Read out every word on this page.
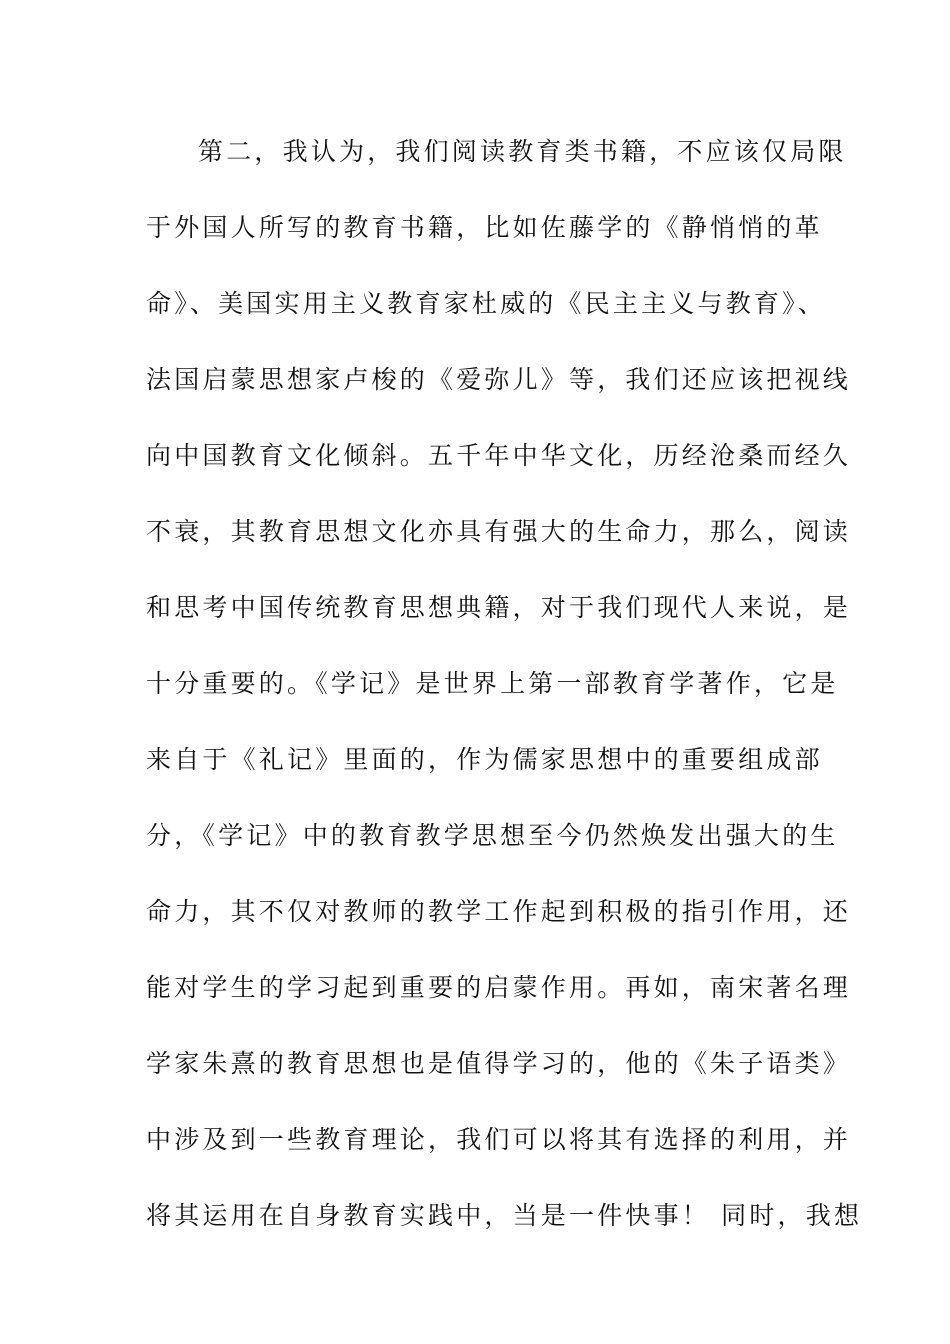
第二，我认为，我们阅读教育类书籍，不应该仅局限
于外国人所写的教育书籍，比如佐藤学的《静悄悄的革
命》、美国实用主义教育家杜威的《民主主义与教育》、
法国启蒙思想家卢梭的《爱弥儿》等，我们还应该把视线
向中国教育文化倾斜。五千年中华文化，历经沧桑而经久
不衰，其教育思想文化亦具有强大的生命力，那么，阅读
和思考中国传统教育思想典籍，对于我们现代人来说，是
十分重要的。《学记》是世界上第一部教育学著作，它是
来自于《礼记》里面的，作为儒家思想中的重要组成部
分，《学记》中的教育教学思想至今仍然焕发出强大的生
命力，其不仅对教师的教学工作起到积极的指引作用，还
能对学生的学习起到重要的启蒙作用。再如，南宋著名理
学家朱熹的教育思想也是值得学习的，他的《朱子语类》
中涉及到一些教育理论，我们可以将其有选择的利用，并
将其运用在自身教育实践中，当是一件快事！ 同时，我想
